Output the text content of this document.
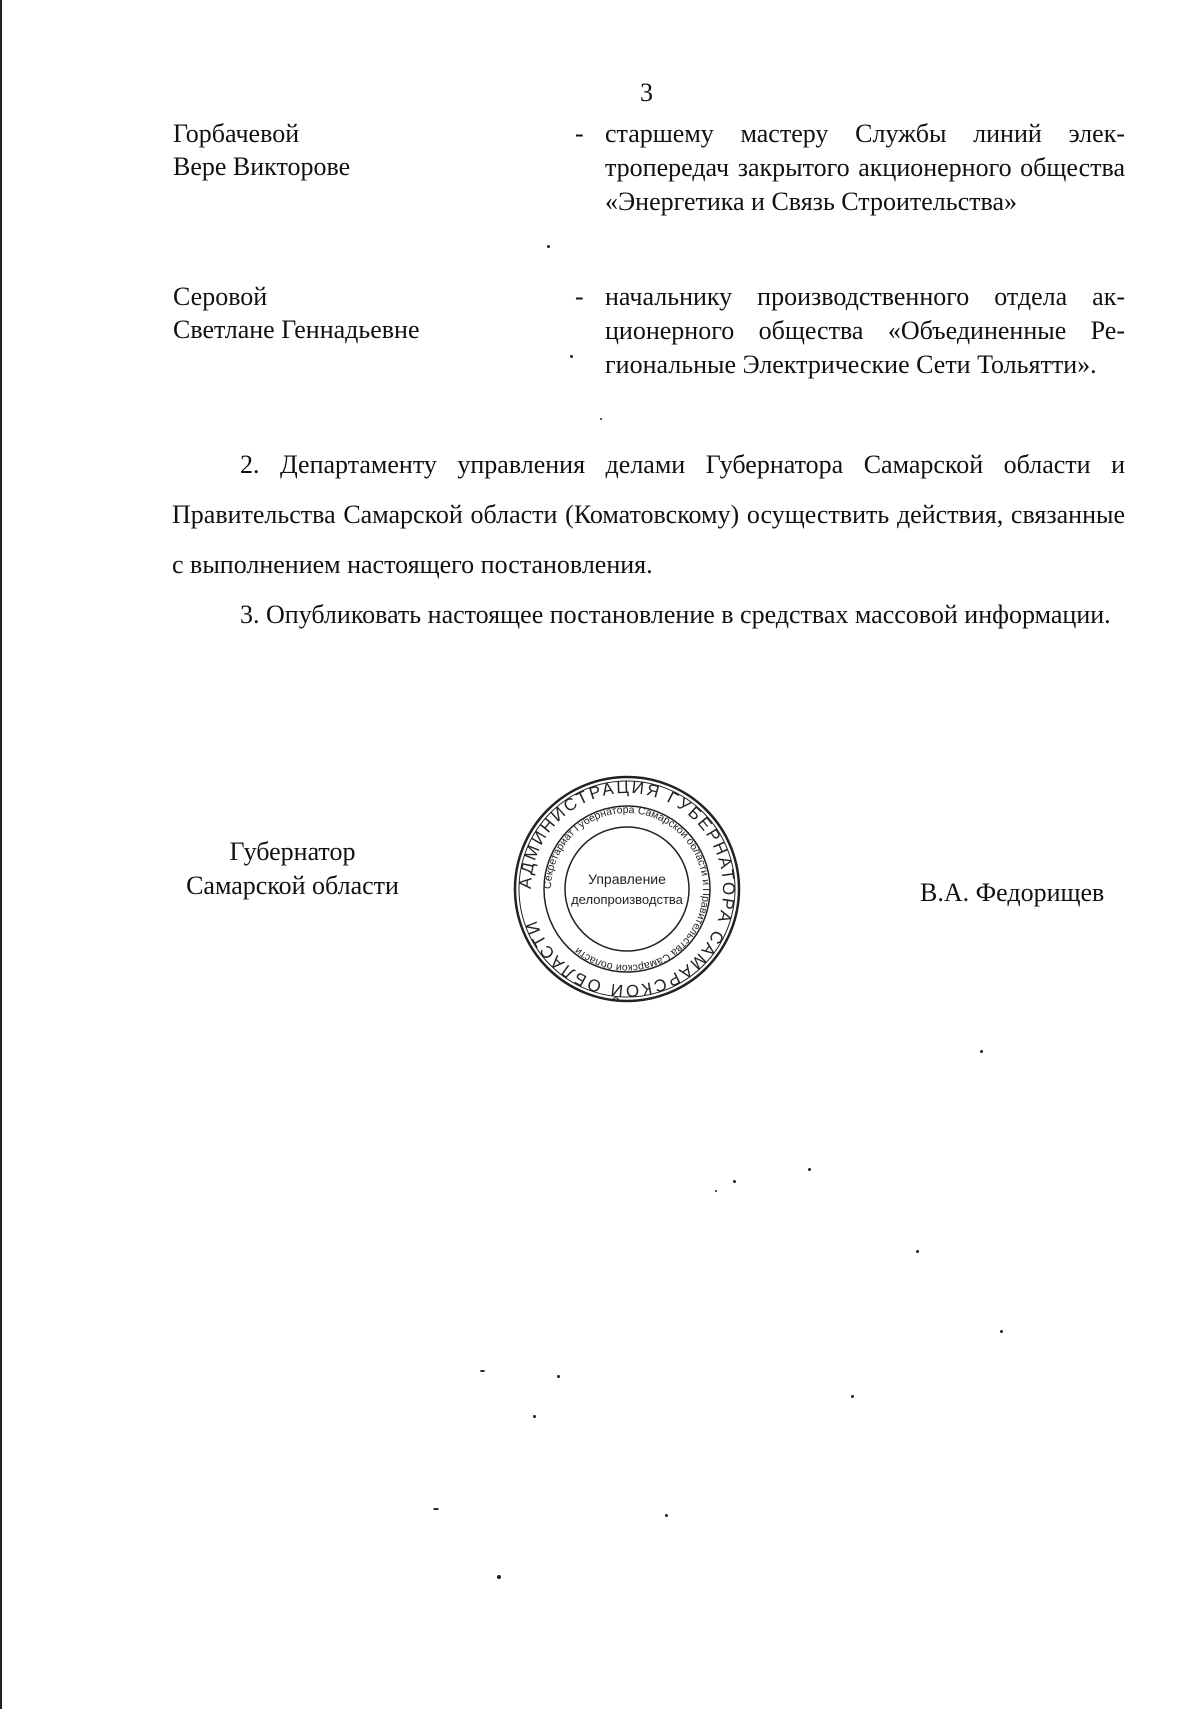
3
Горбачевой
Вере Викторове
- старшему мастеру Службы линий электропередач закрытого акционерного общества «Энергетика и Связь Строительства»
Серовой
Светлане Геннадьевне
- начальнику производственного отдела акционерного общества «Объединенные Региональные Электрические Сети Тольятти».
2. Департаменту управления делами Губернатора Самарской области и Правительства Самарской области (Коматовскому) осуществить действия, связанные с выполнением настоящего постановления.
3. Опубликовать настоящее постановление в средствах массовой информации.
Губернатор
Самарской области	В.А. Федорищев
АДМИНИСТРАЦИЯ ГУБЕРНАТОРА САМАРСКОЙ ОБЛАСТИ
Секретариат Губернатора Самарской области и Правительства Самарской области
Управление
делопроизводства
